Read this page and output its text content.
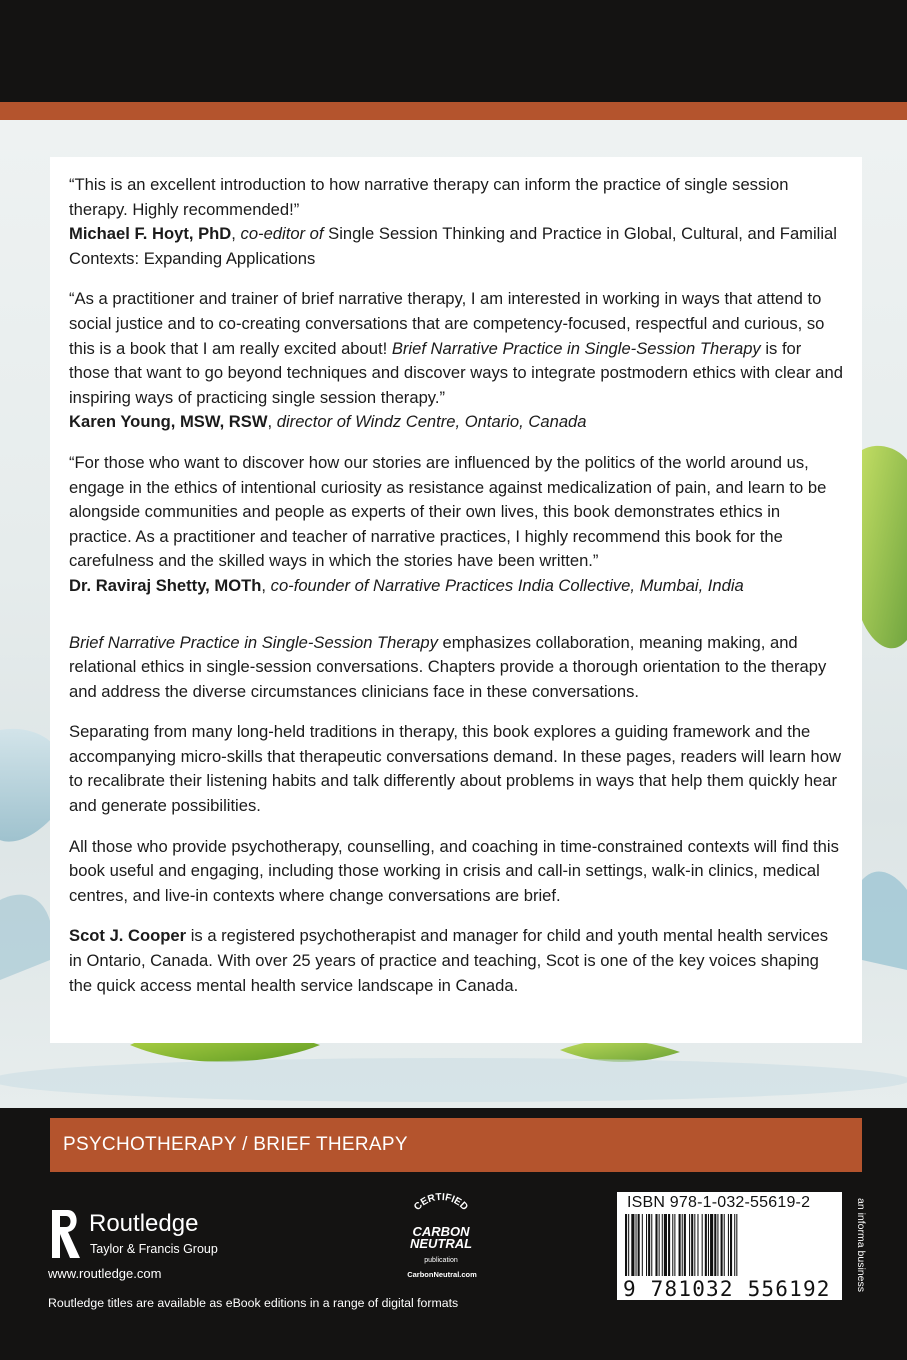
“This is an excellent introduction to how narrative therapy can inform the practice of single session therapy. Highly recommended!”

Michael F. Hoyt, PhD, co-editor of Single Session Thinking and Practice in Global, Cultural, and Familial Contexts: Expanding Applications

“As a practitioner and trainer of brief narrative therapy, I am interested in working in ways that attend to social justice and to co-creating conversations that are competency-focused, respectful and curious, so this is a book that I am really excited about! Brief Narrative Practice in Single-Session Therapy is for those that want to go beyond techniques and discover ways to integrate postmodern ethics with clear and inspiring ways of practicing single session therapy.”

Karen Young, MSW, RSW, director of Windz Centre, Ontario, Canada

“For those who want to discover how our stories are influenced by the politics of the world around us, engage in the ethics of intentional curiosity as resistance against medicalization of pain, and learn to be alongside communities and people as experts of their own lives, this book demonstrates ethics in practice. As a practitioner and teacher of narrative practices, I highly recommend this book for the carefulness and the skilled ways in which the stories have been written.”

Dr. Raviraj Shetty, MOTh, co-founder of Narrative Practices India Collective, Mumbai, India

Brief Narrative Practice in Single-Session Therapy emphasizes collaboration, meaning making, and relational ethics in single-session conversations. Chapters provide a thorough orientation to the therapy and address the diverse circumstances clinicians face in these conversations.

Separating from many long-held traditions in therapy, this book explores a guiding framework and the accompanying micro-skills that therapeutic conversations demand. In these pages, readers will learn how to recalibrate their listening habits and talk differently about problems in ways that help them quickly hear and generate possibilities.

All those who provide psychotherapy, counselling, and coaching in time-constrained contexts will find this book useful and engaging, including those working in crisis and call-in settings, walk-in clinics, medical centres, and live-in contexts where change conversations are brief.

Scot J. Cooper is a registered psychotherapist and manager for child and youth mental health services in Ontario, Canada. With over 25 years of practice and teaching, Scot is one of the key voices shaping the quick access mental health service landscape in Canada.

PSYCHOTHERAPY / BRIEF THERAPY
Routledge
Taylor & Francis Group
www.routledge.com
Routledge titles are available as eBook editions in a range of digital formats
CERTIFIED
CARBON
NEUTRAL
publication
CarbonNeutral.com
ISBN 978-1-032-55619-2
9 781032 556192 an informa business
